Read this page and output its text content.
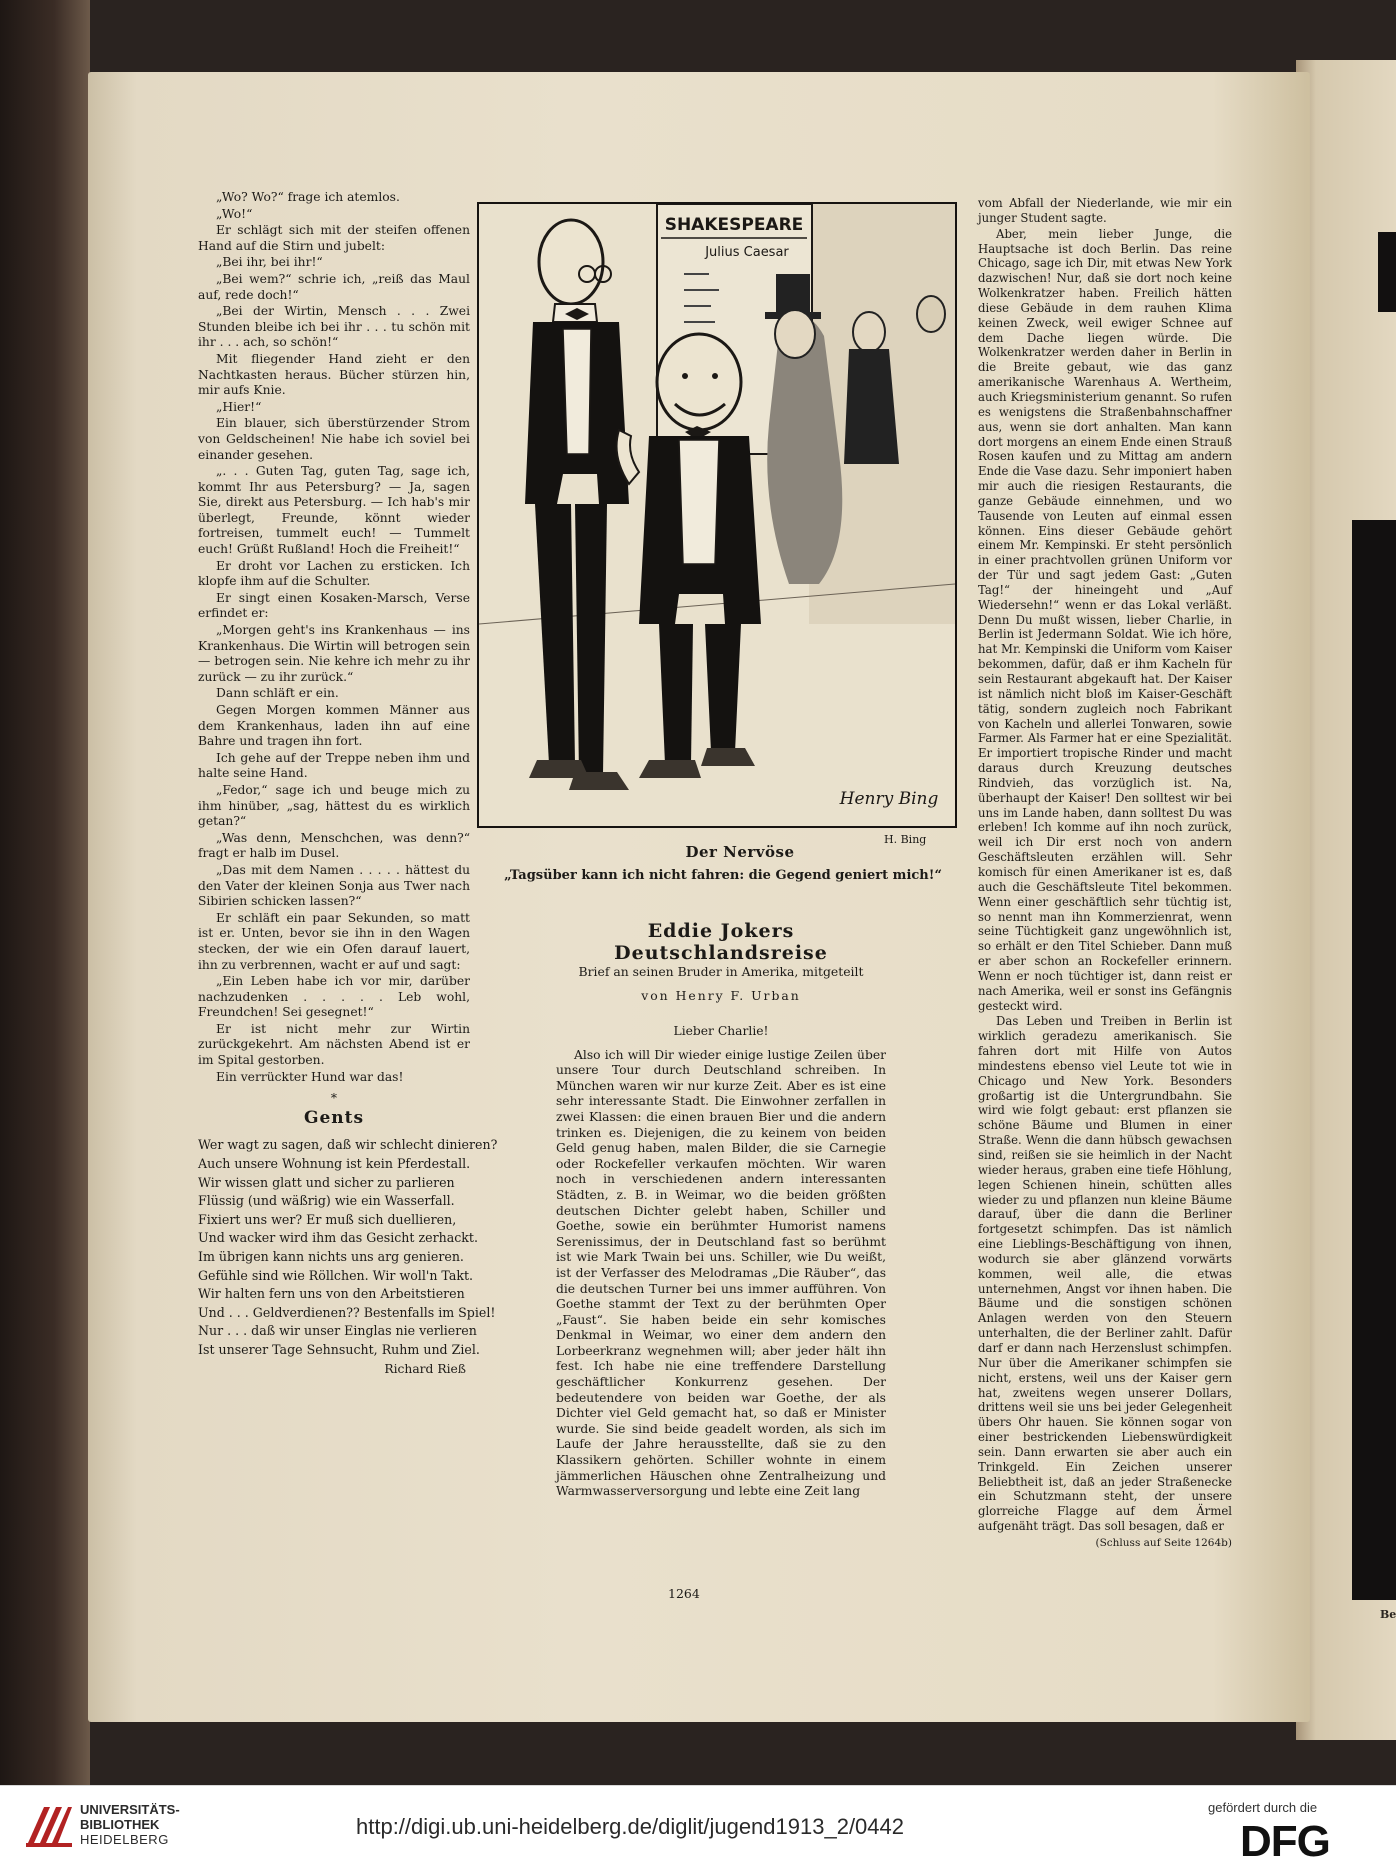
Be

„Wo? Wo?“ frage ich atemlos.

„Wo!“

Er schlägt sich mit der steifen offenen Hand auf die Stirn und jubelt:

„Bei ihr, bei ihr!“

„Bei wem?“ schrie ich, „reiß das Maul auf, rede doch!“

„Bei der Wirtin, Mensch . . . Zwei Stunden bleibe ich bei ihr . . . tu schön mit ihr . . . ach, so schön!“

Mit fliegender Hand zieht er den Nachtkasten heraus. Bücher stürzen hin, mir aufs Knie.

„Hier!“

Ein blauer, sich überstürzender Strom von Geldscheinen! Nie habe ich soviel bei einander gesehen.

„. . . Guten Tag, guten Tag, sage ich, kommt Ihr aus Petersburg? — Ja, sagen Sie, direkt aus Petersburg. — Ich hab's mir überlegt, Freunde, könnt wieder fortreisen, tummelt euch! — Tummelt euch! Grüßt Rußland! Hoch die Freiheit!“

Er droht vor Lachen zu ersticken. Ich klopfe ihm auf die Schulter.

Er singt einen Kosaken-Marsch, Verse erfindet er:

„Morgen geht's ins Krankenhaus — ins Krankenhaus. Die Wirtin will betrogen sein — betrogen sein. Nie kehre ich mehr zu ihr zurück — zu ihr zurück.“

Dann schläft er ein.

Gegen Morgen kommen Männer aus dem Krankenhaus, laden ihn auf eine Bahre und tragen ihn fort.

Ich gehe auf der Treppe neben ihm und halte seine Hand.

„Fedor,“ sage ich und beuge mich zu ihm hinüber, „sag, hättest du es wirklich getan?“

„Was denn, Menschchen, was denn?“ fragt er halb im Dusel.

„Das mit dem Namen . . . . . hättest du den Vater der kleinen Sonja aus Twer nach Sibirien schicken lassen?“

Er schläft ein paar Sekunden, so matt ist er. Unten, bevor sie ihn in den Wagen stecken, der wie ein Ofen darauf lauert, ihn zu verbrennen, wacht er auf und sagt:

„Ein Leben habe ich vor mir, darüber nachzudenken . . . . . Leb wohl, Freundchen! Sei gesegnet!“

Er ist nicht mehr zur Wirtin zurückgekehrt. Am nächsten Abend ist er im Spital gestorben.

Ein verrückter Hund war das!

*
Gents
Wer wagt zu sagen, daß wir schlecht dinieren?
Auch unsere Wohnung ist kein Pferdestall.
Wir wissen glatt und sicher zu parlieren
Flüssig (und wäßrig) wie ein Wasserfall.
Fixiert uns wer? Er muß sich duellieren,
Und wacker wird ihm das Gesicht zerhackt.
Im übrigen kann nichts uns arg genieren.
Gefühle sind wie Röllchen. Wir woll'n Takt.
Wir halten fern uns von den Arbeitstieren
Und . . . Geldverdienen?? Bestenfalls im Spiel!
Nur . . . daß wir unser Einglas nie verlieren
Ist unserer Tage Sehnsucht, Ruhm und Ziel.
Richard Rieß
SHAKESPEARE
Julius Caesar
Henry Bing
H. Bing
Der Nervöse
„Tagsüber kann ich nicht fahren: die Gegend geniert mich!“
Eddie Jokers Deutschlandsreise
Brief an seinen Bruder in Amerika, mitgeteilt
von Henry F. Urban

Lieber Charlie!

Also ich will Dir wieder einige lustige Zeilen über unsere Tour durch Deutschland schreiben. In München waren wir nur kurze Zeit. Aber es ist eine sehr interessante Stadt. Die Einwohner zerfallen in zwei Klassen: die einen brauen Bier und die andern trinken es. Diejenigen, die zu keinem von beiden Geld genug haben, malen Bilder, die sie Carnegie oder Rockefeller verkaufen möchten. Wir waren noch in verschiedenen andern interessanten Städten, z. B. in Weimar, wo die beiden größten deutschen Dichter gelebt haben, Schiller und Goethe, sowie ein berühmter Humorist namens Serenissimus, der in Deutschland fast so berühmt ist wie Mark Twain bei uns. Schiller, wie Du weißt, ist der Verfasser des Melodramas „Die Räuber“, das die deutschen Turner bei uns immer aufführen. Von Goethe stammt der Text zu der berühmten Oper „Faust“. Sie haben beide ein sehr komisches Denkmal in Weimar, wo einer dem andern den Lorbeerkranz wegnehmen will; aber jeder hält ihn fest. Ich habe nie eine treffendere Darstellung geschäftlicher Konkurrenz gesehen. Der bedeutendere von beiden war Goethe, der als Dichter viel Geld gemacht hat, so daß er Minister wurde. Sie sind beide geadelt worden, als sich im Laufe der Jahre herausstellte, daß sie zu den Klassikern gehörten. Schiller wohnte in einem jämmerlichen Häuschen ohne Zentralheizung und Warmwasserversorgung und lebte eine Zeit lang

vom Abfall der Niederlande, wie mir ein junger Student sagte.

Aber, mein lieber Junge, die Hauptsache ist doch Berlin. Das reine Chicago, sage ich Dir, mit etwas New York dazwischen! Nur, daß sie dort noch keine Wolkenkratzer haben. Freilich hätten diese Gebäude in dem rauhen Klima keinen Zweck, weil ewiger Schnee auf dem Dache liegen würde. Die Wolkenkratzer werden daher in Berlin in die Breite gebaut, wie das ganz amerikanische Warenhaus A. Wertheim, auch Kriegsministerium genannt. So rufen es wenigstens die Straßenbahnschaffner aus, wenn sie dort anhalten. Man kann dort morgens an einem Ende einen Strauß Rosen kaufen und zu Mittag am andern Ende die Vase dazu. Sehr imponiert haben mir auch die riesigen Restaurants, die ganze Gebäude einnehmen, und wo Tausende von Leuten auf einmal essen können. Eins dieser Gebäude gehört einem Mr. Kempinski. Er steht persönlich in einer prachtvollen grünen Uniform vor der Tür und sagt jedem Gast: „Guten Tag!“ der hineingeht und „Auf Wiedersehn!“ wenn er das Lokal verläßt. Denn Du mußt wissen, lieber Charlie, in Berlin ist Jedermann Soldat. Wie ich höre, hat Mr. Kempinski die Uniform vom Kaiser bekommen, dafür, daß er ihm Kacheln für sein Restaurant abgekauft hat. Der Kaiser ist nämlich nicht bloß im Kaiser-Geschäft tätig, sondern zugleich noch Fabrikant von Kacheln und allerlei Tonwaren, sowie Farmer. Als Farmer hat er eine Spezialität. Er importiert tropische Rinder und macht daraus durch Kreuzung deutsches Rindvieh, das vorzüglich ist. Na, überhaupt der Kaiser! Den solltest wir bei uns im Lande haben, dann solltest Du was erleben! Ich komme auf ihn noch zurück, weil ich Dir erst noch von andern Geschäftsleuten erzählen will. Sehr komisch für einen Amerikaner ist es, daß auch die Geschäftsleute Titel bekommen. Wenn einer geschäftlich sehr tüchtig ist, so nennt man ihn Kommerzienrat, wenn seine Tüchtigkeit ganz ungewöhnlich ist, so erhält er den Titel Schieber. Dann muß er aber schon an Rockefeller erinnern. Wenn er noch tüchtiger ist, dann reist er nach Amerika, weil er sonst ins Gefängnis gesteckt wird.

Das Leben und Treiben in Berlin ist wirklich geradezu amerikanisch. Sie fahren dort mit Hilfe von Autos mindestens ebenso viel Leute tot wie in Chicago und New York. Besonders großartig ist die Untergrundbahn. Sie wird wie folgt gebaut: erst pflanzen sie schöne Bäume und Blumen in einer Straße. Wenn die dann hübsch gewachsen sind, reißen sie sie heimlich in der Nacht wieder heraus, graben eine tiefe Höhlung, legen Schienen hinein, schütten alles wieder zu und pflanzen nun kleine Bäume darauf, über die dann die Berliner fortgesetzt schimpfen. Das ist nämlich eine Lieblings-Beschäftigung von ihnen, wodurch sie aber glänzend vorwärts kommen, weil alle, die etwas unternehmen, Angst vor ihnen haben. Die Bäume und die sonstigen schönen Anlagen werden von den Steuern unterhalten, die der Berliner zahlt. Dafür darf er dann nach Herzenslust schimpfen. Nur über die Amerikaner schimpfen sie nicht, erstens, weil uns der Kaiser gern hat, zweitens wegen unserer Dollars, drittens weil sie uns bei jeder Gelegenheit übers Ohr hauen. Sie können sogar von einer bestrickenden Liebenswürdigkeit sein. Dann erwarten sie aber auch ein Trinkgeld. Ein Zeichen unserer Beliebtheit ist, daß an jeder Straßenecke ein Schutzmann steht, der unsere glorreiche Flagge auf dem Ärmel aufgenäht trägt. Das soll besagen, daß er

(Schluss auf Seite 1264b)
1264
UNIVERSITÄTS-
BIBLIOTHEK
HEIDELBERG
http://digi.ub.uni-heidelberg.de/diglit/jugend1913_2/0442
gefördert durch die
DFG
